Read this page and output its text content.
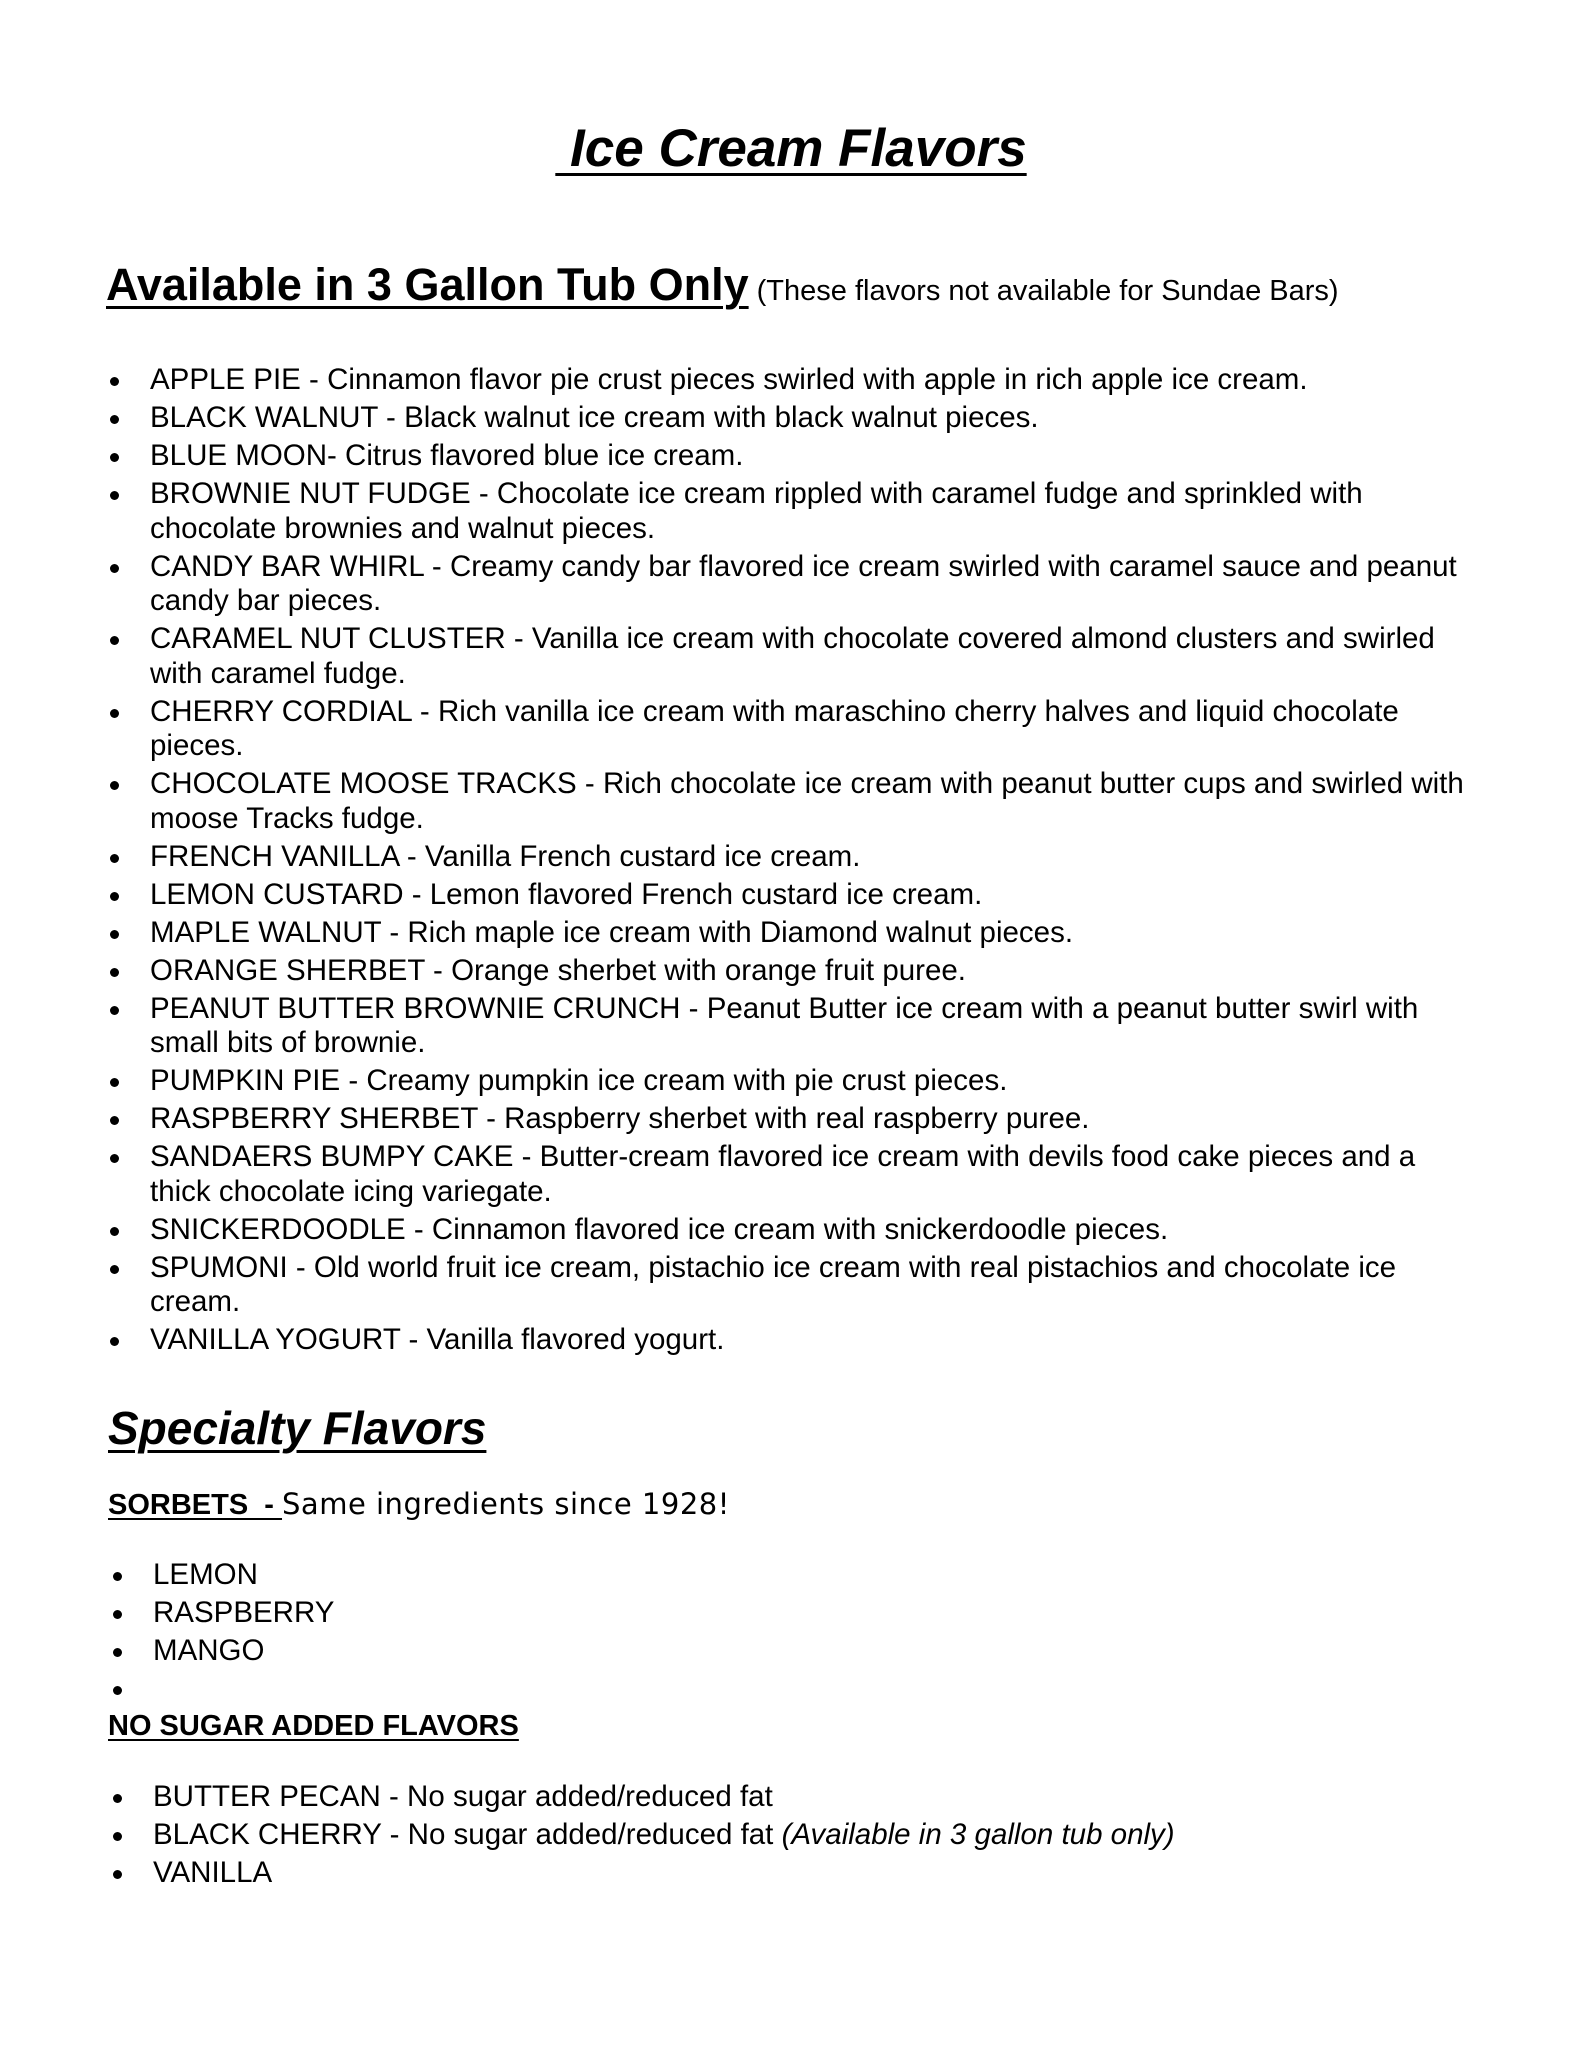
Ice Cream Flavors
Available in 3 Gallon Tub Only (These flavors not available for Sundae Bars)
APPLE PIE - Cinnamon flavor pie crust pieces swirled with apple in rich apple ice cream.
BLACK WALNUT - Black walnut ice cream with black walnut pieces.
BLUE MOON- Citrus flavored blue ice cream.
BROWNIE NUT FUDGE - Chocolate ice cream rippled with caramel fudge and sprinkled with chocolate brownies and walnut pieces.
CANDY BAR WHIRL - Creamy candy bar flavored ice cream swirled with caramel sauce and peanut candy bar pieces.
CARAMEL NUT CLUSTER - Vanilla ice cream with chocolate covered almond clusters and swirled with caramel fudge.
CHERRY CORDIAL - Rich vanilla ice cream with maraschino cherry halves and liquid chocolate pieces.
CHOCOLATE MOOSE TRACKS - Rich chocolate ice cream with peanut butter cups and swirled with moose Tracks fudge.
FRENCH VANILLA - Vanilla French custard ice cream.
LEMON CUSTARD - Lemon flavored French custard ice cream.
MAPLE WALNUT - Rich maple ice cream with Diamond walnut pieces.
ORANGE SHERBET - Orange sherbet with orange fruit puree.
PEANUT BUTTER BROWNIE CRUNCH - Peanut Butter ice cream with a peanut butter swirl with small bits of brownie.
PUMPKIN PIE - Creamy pumpkin ice cream with pie crust pieces.
RASPBERRY SHERBET - Raspberry sherbet with real raspberry puree.
SANDAERS BUMPY CAKE - Butter-cream flavored ice cream with devils food cake pieces and a thick chocolate icing variegate.
SNICKERDOODLE - Cinnamon flavored ice cream with snickerdoodle pieces.
SPUMONI - Old world fruit ice cream, pistachio ice cream with real pistachios and chocolate ice cream.
VANILLA YOGURT - Vanilla flavored yogurt.
Specialty Flavors
SORBETS  - Same ingredients since 1928!
LEMON
RASPBERRY
MANGO
NO SUGAR ADDED FLAVORS
BUTTER PECAN - No sugar added/reduced fat
BLACK CHERRY - No sugar added/reduced fat (Available in 3 gallon tub only)
VANILLA
